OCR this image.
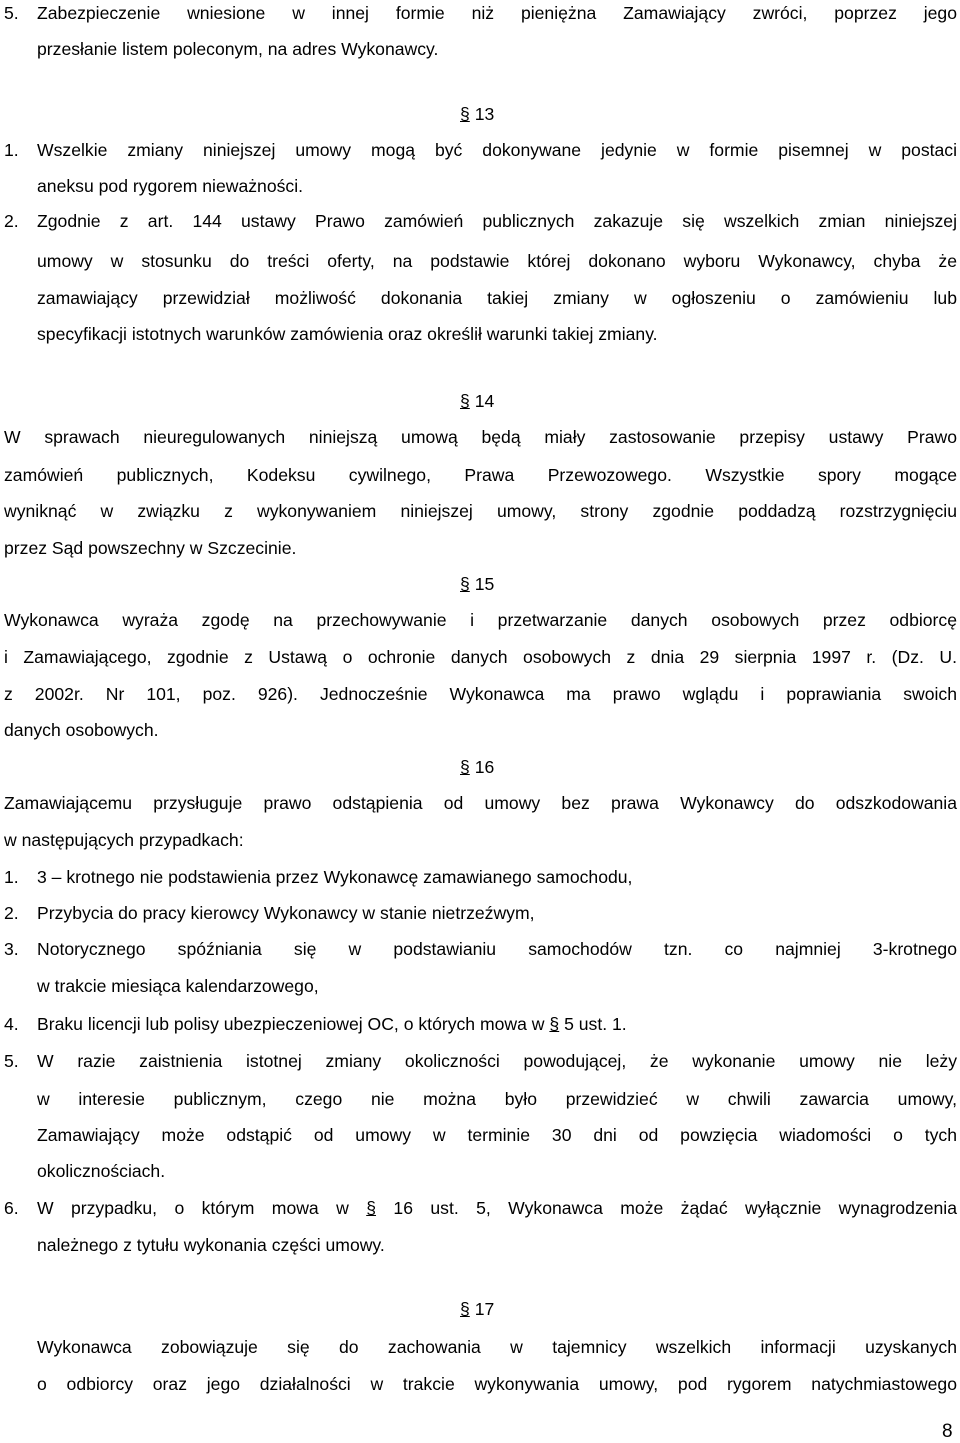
5. Zabezpieczenie wniesione w innej formie niż pieniężna Zamawiający zwróci, poprzez jego

przesłanie listem poleconym, na adres Wykonawcy.

§ 13
1. Wszelkie zmiany niniejszej umowy mogą być dokonywane jedynie w formie pisemnej w postaci

aneksu pod rygorem nieważności.

2. Zgodnie z art. 144 ustawy Prawo zamówień publicznych zakazuje się wszelkich zmian niniejszej

umowy w stosunku do treści oferty, na podstawie której dokonano wyboru Wykonawcy, chyba że

zamawiający przewidział możliwość dokonania takiej zmiany w ogłoszeniu o zamówieniu lub

specyfikacji istotnych warunków zamówienia oraz określił warunki takiej zmiany.

§ 14

W sprawach nieuregulowanych niniejszą umową będą miały zastosowanie przepisy ustawy Prawo

zamówień publicznych, Kodeksu cywilnego, Prawa Przewozowego. Wszystkie spory mogące

wyniknąć w związku z wykonywaniem niniejszej umowy, strony zgodnie poddadzą rozstrzygnięciu

przez Sąd powszechny w Szczecinie.

§ 15

Wykonawca wyraża zgodę na przechowywanie i przetwarzanie danych osobowych przez odbiorcę

i Zamawiającego, zgodnie z Ustawą o ochronie danych osobowych z dnia 29 sierpnia 1997 r. (Dz. U.

z 2002r. Nr 101, poz. 926). Jednocześnie Wykonawca ma prawo wglądu i poprawiania swoich

danych osobowych.

§ 16

Zamawiającemu przysługuje prawo odstąpienia od umowy bez prawa Wykonawcy do odszkodowania

w następujących przypadkach:

1. 3 – krotnego nie podstawienia przez Wykonawcę zamawianego samochodu,

2. Przybycia do pracy kierowcy Wykonawcy w stanie nietrzeźwym,

3. Notorycznego spóźniania się w podstawianiu samochodów tzn. co najmniej 3-krotnego

w trakcie miesiąca kalendarzowego,

4. Braku licencji lub polisy ubezpieczeniowej OC, o których mowa w § 5 ust. 1.

5. W razie zaistnienia istotnej zmiany okoliczności powodującej, że wykonanie umowy nie leży

w interesie publicznym, czego nie można było przewidzieć w chwili zawarcia umowy,

Zamawiający może odstąpić od umowy w terminie 30 dni od powzięcia wiadomości o tych

okolicznościach.

6. W przypadku, o którym mowa w § 16 ust. 5, Wykonawca może żądać wyłącznie wynagrodzenia

należnego z tytułu wykonania części umowy.

§ 17

Wykonawca zobowiązuje się do zachowania w tajemnicy wszelkich informacji uzyskanych

o odbiorcy oraz jego działalności w trakcie wykonywania umowy, pod rygorem natychmiastowego

8
